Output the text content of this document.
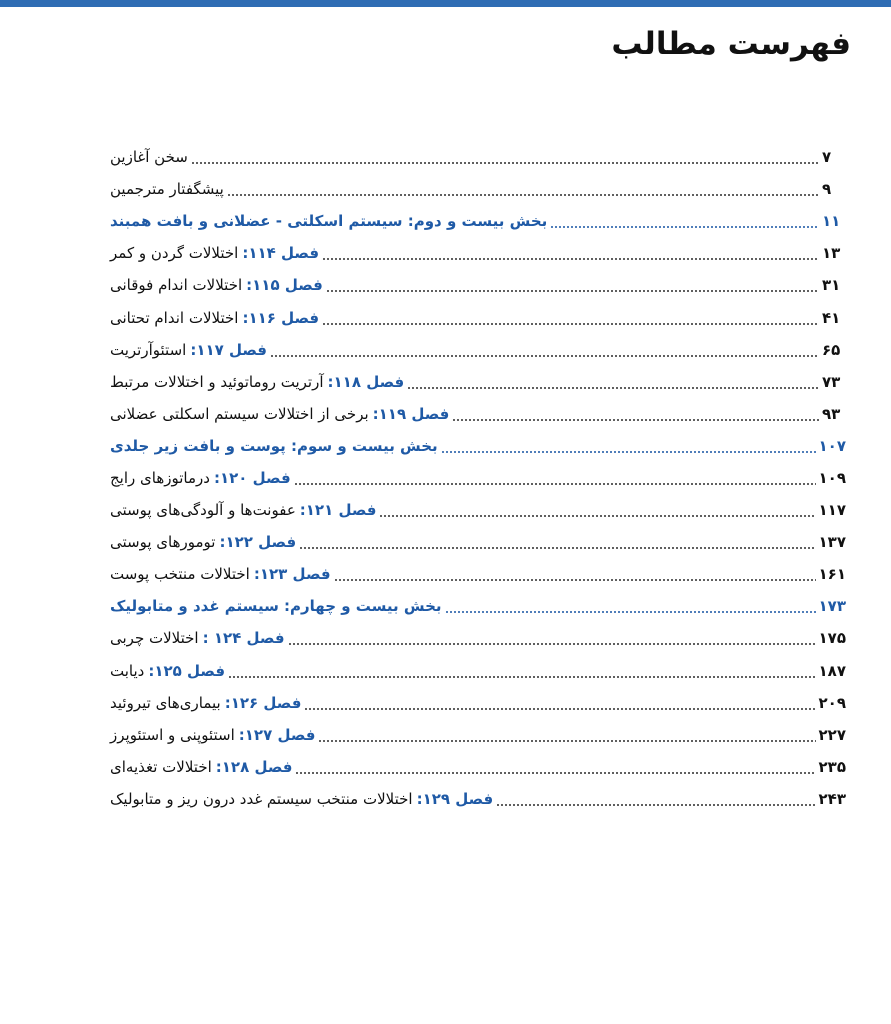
فهرست مطالب
سخن آغازین	۷
پیشگفتار مترجمین	۹
بخش بیست و دوم: سیستم اسکلتی - عضلانی و بافت همبند	۱۱
فصل ۱۱۴:اختلالات گردن و کمر	۱۳
فصل ۱۱۵:اختلالات اندام فوقانی	۳۱
فصل ۱۱۶:اختلالات اندام تحتانی	۴۱
فصل ۱۱۷:استئوآرتریت	۶۵
فصل ۱۱۸:آرتریت روماتوئید و اختلالات مرتبط	۷۳
فصل ۱۱۹:برخی از اختلالات سیستم اسکلتی عضلانی	۹۳
بخش بیست و سوم: پوست و بافت زیر جلدی	۱۰۷
فصل ۱۲۰:درماتوزهای رایج	۱۰۹
فصل ۱۲۱:عفونت‌ها و آلودگی‌های پوستی	۱۱۷
فصل ۱۲۲:تومورهای پوستی	۱۳۷
فصل ۱۲۳:اختلالات منتخب پوست	۱۶۱
بخش بیست و چهارم: سیستم غدد و متابولیک	۱۷۳
فصل ۱۲۴ :اختلالات چربی	۱۷۵
فصل ۱۲۵:دیابت	۱۸۷
فصل ۱۲۶:بیماری‌های تیروئید	۲۰۹
فصل ۱۲۷:استئوپنی و استئوپرز	۲۲۷
فصل ۱۲۸:اختلالات تغذیه‌ای	۲۳۵
فصل ۱۲۹:اختلالات منتخب سیستم غدد درون ریز و متابولیک	۲۴۳
